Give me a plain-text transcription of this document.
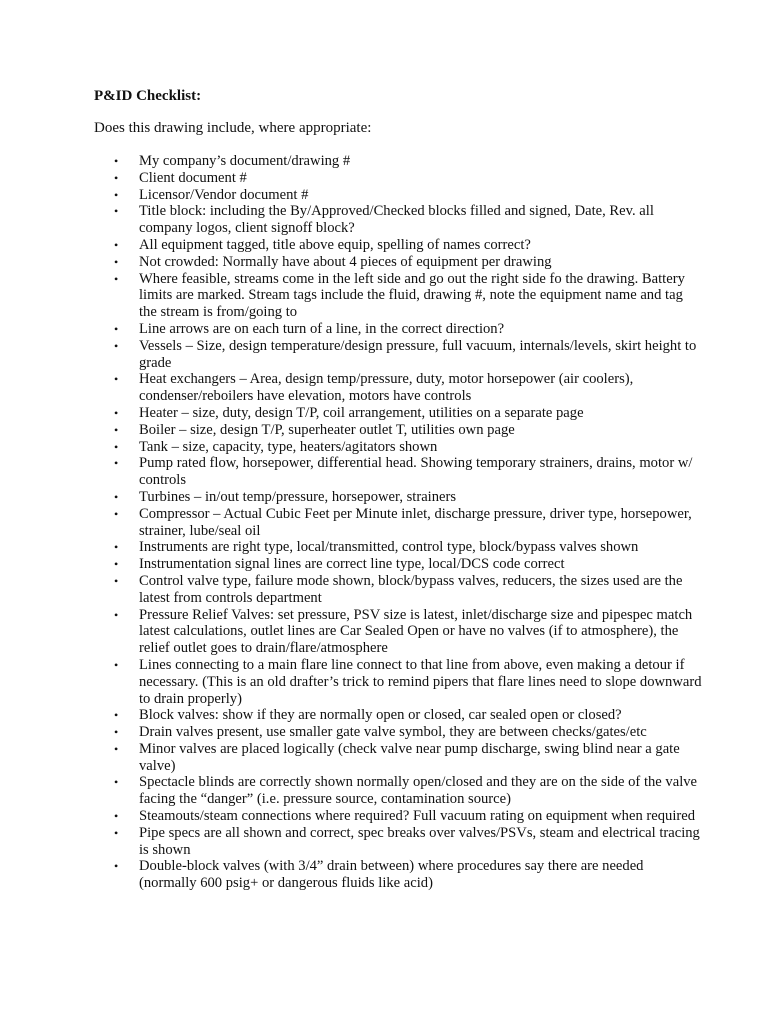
P&ID Checklist:
Does this drawing include, where appropriate:
• My company’s document/drawing #
• Client document #
• Licensor/Vendor document #
• Title block: including the By/Approved/Checked blocks filled and signed, Date, Rev. all company logos, client signoff block?
• All equipment tagged, title above equip, spelling of names correct?
• Not crowded: Normally have about 4 pieces of equipment per drawing
• Where feasible, streams come in the left side and go out the right side fo the drawing. Battery limits are marked. Stream tags include the fluid, drawing #, note the equipment name and tag the stream is from/going to
• Line arrows are on each turn of a line, in the correct direction?
• Vessels – Size, design temperature/design pressure, full vacuum, internals/levels, skirt height to grade
• Heat exchangers – Area, design temp/pressure, duty, motor horsepower (air coolers), condenser/reboilers have elevation, motors have controls
• Heater – size, duty, design T/P, coil arrangement, utilities on a separate page
• Boiler – size, design T/P, superheater outlet T, utilities own page
• Tank – size, capacity, type, heaters/agitators shown
• Pump rated flow, horsepower, differential head. Showing temporary strainers, drains, motor w/ controls
• Turbines – in/out temp/pressure, horsepower, strainers
• Compressor – Actual Cubic Feet per Minute inlet, discharge pressure, driver type, horsepower, strainer, lube/seal oil
• Instruments are right type, local/transmitted, control type, block/bypass valves shown
• Instrumentation signal lines are correct line type, local/DCS code correct
• Control valve type, failure mode shown, block/bypass valves, reducers, the sizes used are the latest from controls department
• Pressure Relief Valves: set pressure, PSV size is latest, inlet/discharge size and pipespec match latest calculations, outlet lines are Car Sealed Open or have no valves (if to atmosphere), the relief outlet goes to drain/flare/atmosphere
• Lines connecting to a main flare line connect to that line from above, even making a detour if necessary. (This is an old drafter’s trick to remind pipers that flare lines need to slope downward to drain properly)
• Block valves: show if they are normally open or closed, car sealed open or closed?
• Drain valves present, use smaller gate valve symbol, they are between checks/gates/etc
• Minor valves are placed logically (check valve near pump discharge, swing blind near a gate valve)
• Spectacle blinds are correctly shown normally open/closed and they are on the side of the valve facing the “danger” (i.e. pressure source, contamination source)
• Steamouts/steam connections where required? Full vacuum rating on equipment when required
• Pipe specs are all shown and correct, spec breaks over valves/PSVs, steam and electrical tracing is shown
• Double-block valves (with 3/4” drain between) where procedures say there are needed (normally 600 psig+ or dangerous fluids like acid)
